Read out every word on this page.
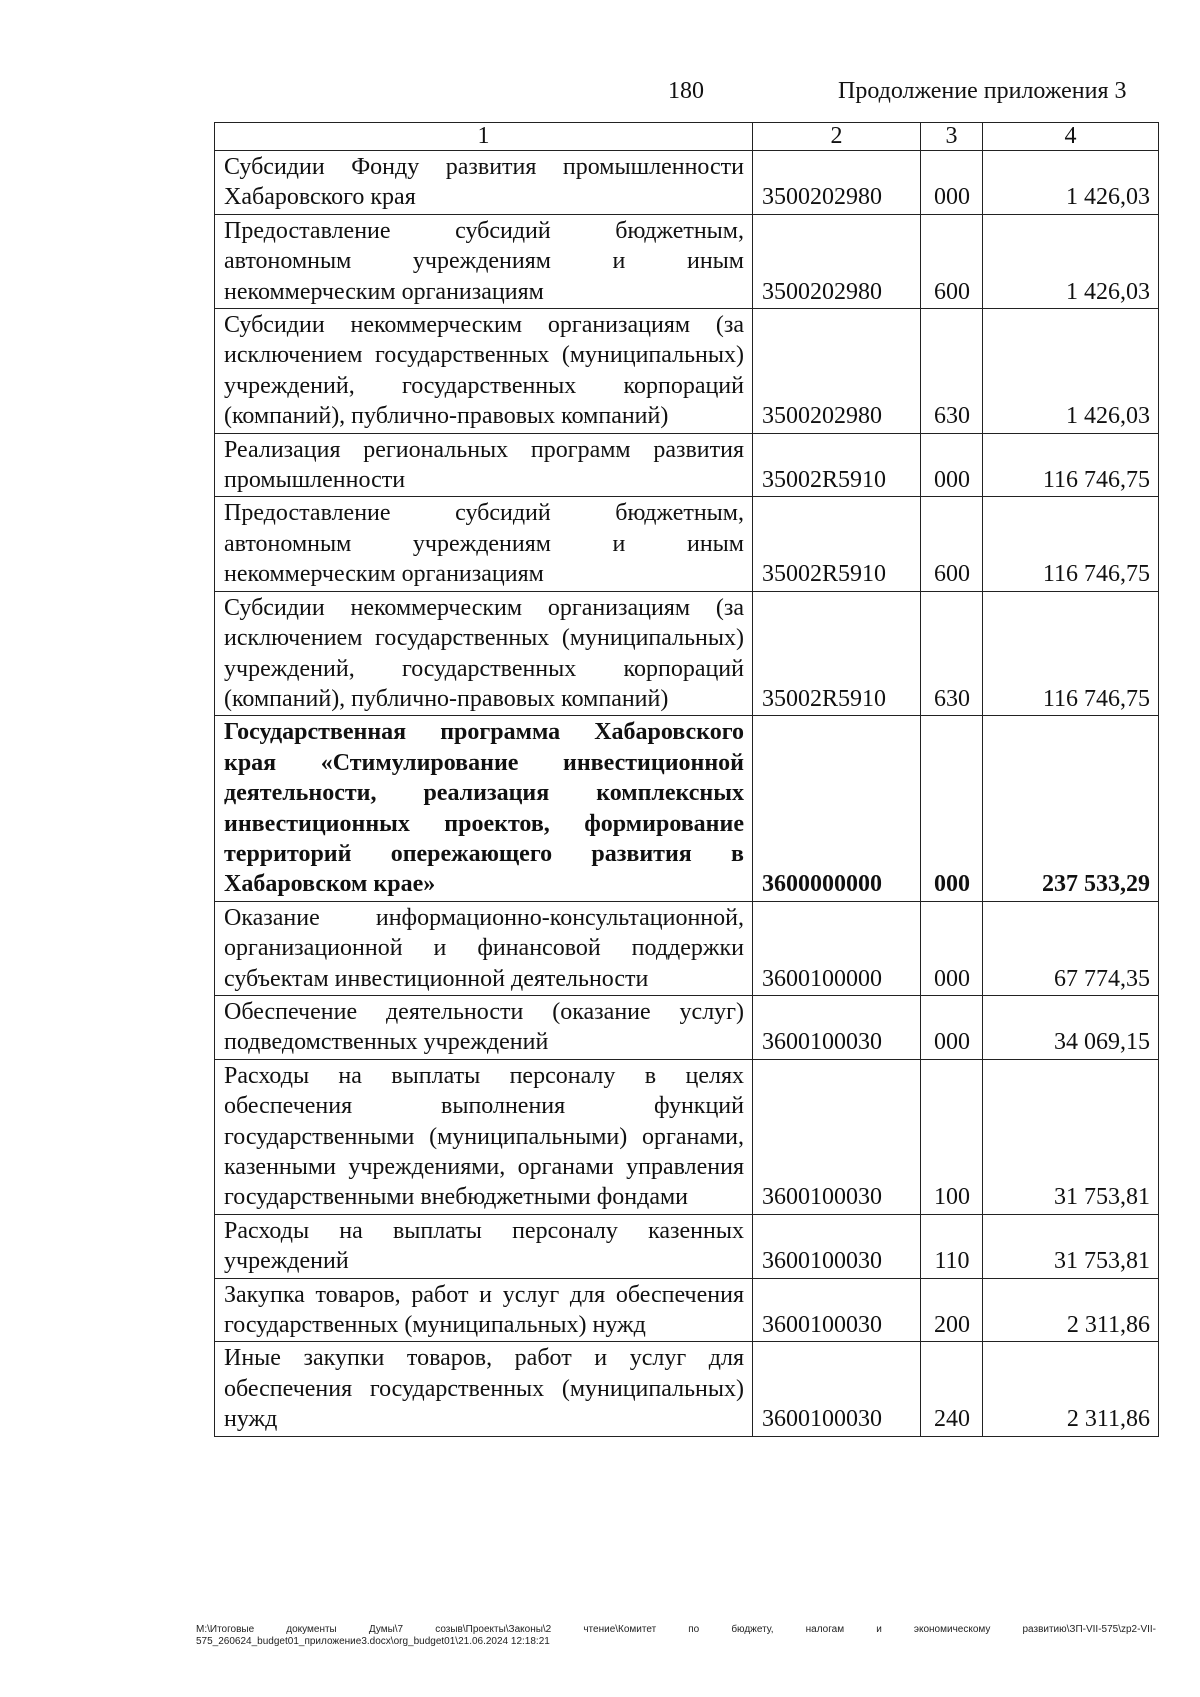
180	Продолжение приложения 3
1	2	3	4
Субсидии Фонду развития промышленности Хабаровского края	3500202980	000	1 426,03
Предоставление субсидий бюджетным, автономным учреждениям и иным некоммерческим организациям	3500202980	600	1 426,03
Субсидии некоммерческим организациям (за исключением государственных (муниципальных) учреждений, государственных корпораций (компаний), публично-правовых компаний)	3500202980	630	1 426,03
Реализация региональных программ развития промышленности	35002R5910	000	116 746,75
Предоставление субсидий бюджетным, автономным учреждениям и иным некоммерческим организациям	35002R5910	600	116 746,75
Субсидии некоммерческим организациям (за исключением государственных (муниципальных) учреждений, государственных корпораций (компаний), публично-правовых компаний)	35002R5910	630	116 746,75
Государственная программа Хабаровского края «Стимулирование инвестиционной деятельности, реализация комплексных инвестиционных проектов, формирование территорий опережающего развития в Хабаровском крае»	3600000000	000	237 533,29
Оказание информационно-консультационной, организационной и финансовой поддержки субъектам инвестиционной деятельности	3600100000	000	67 774,35
Обеспечение деятельности (оказание услуг) подведомственных учреждений	3600100030	000	34 069,15
Расходы на выплаты персоналу в целях обеспечения выполнения функций государственными (муниципальными) органами, казенными учреждениями, органами управления государственными внебюджетными фондами	3600100030	100	31 753,81
Расходы на выплаты персоналу казенных учреждений	3600100030	110	31 753,81
Закупка товаров, работ и услуг для обеспечения государственных (муниципальных) нужд	3600100030	200	2 311,86
Иные закупки товаров, работ и услуг для обеспечения государственных (муниципальных) нужд	3600100030	240	2 311,86
M:\Итоговые документы Думы\7 созыв\Проекты\Законы\2 чтение\Комитет по бюджету, налогам и экономическому развитию\ЗП-VII-575\zp2-VII-575_260624_budget01_приложение3.docx\org_budget01\21.06.2024 12:18:21
